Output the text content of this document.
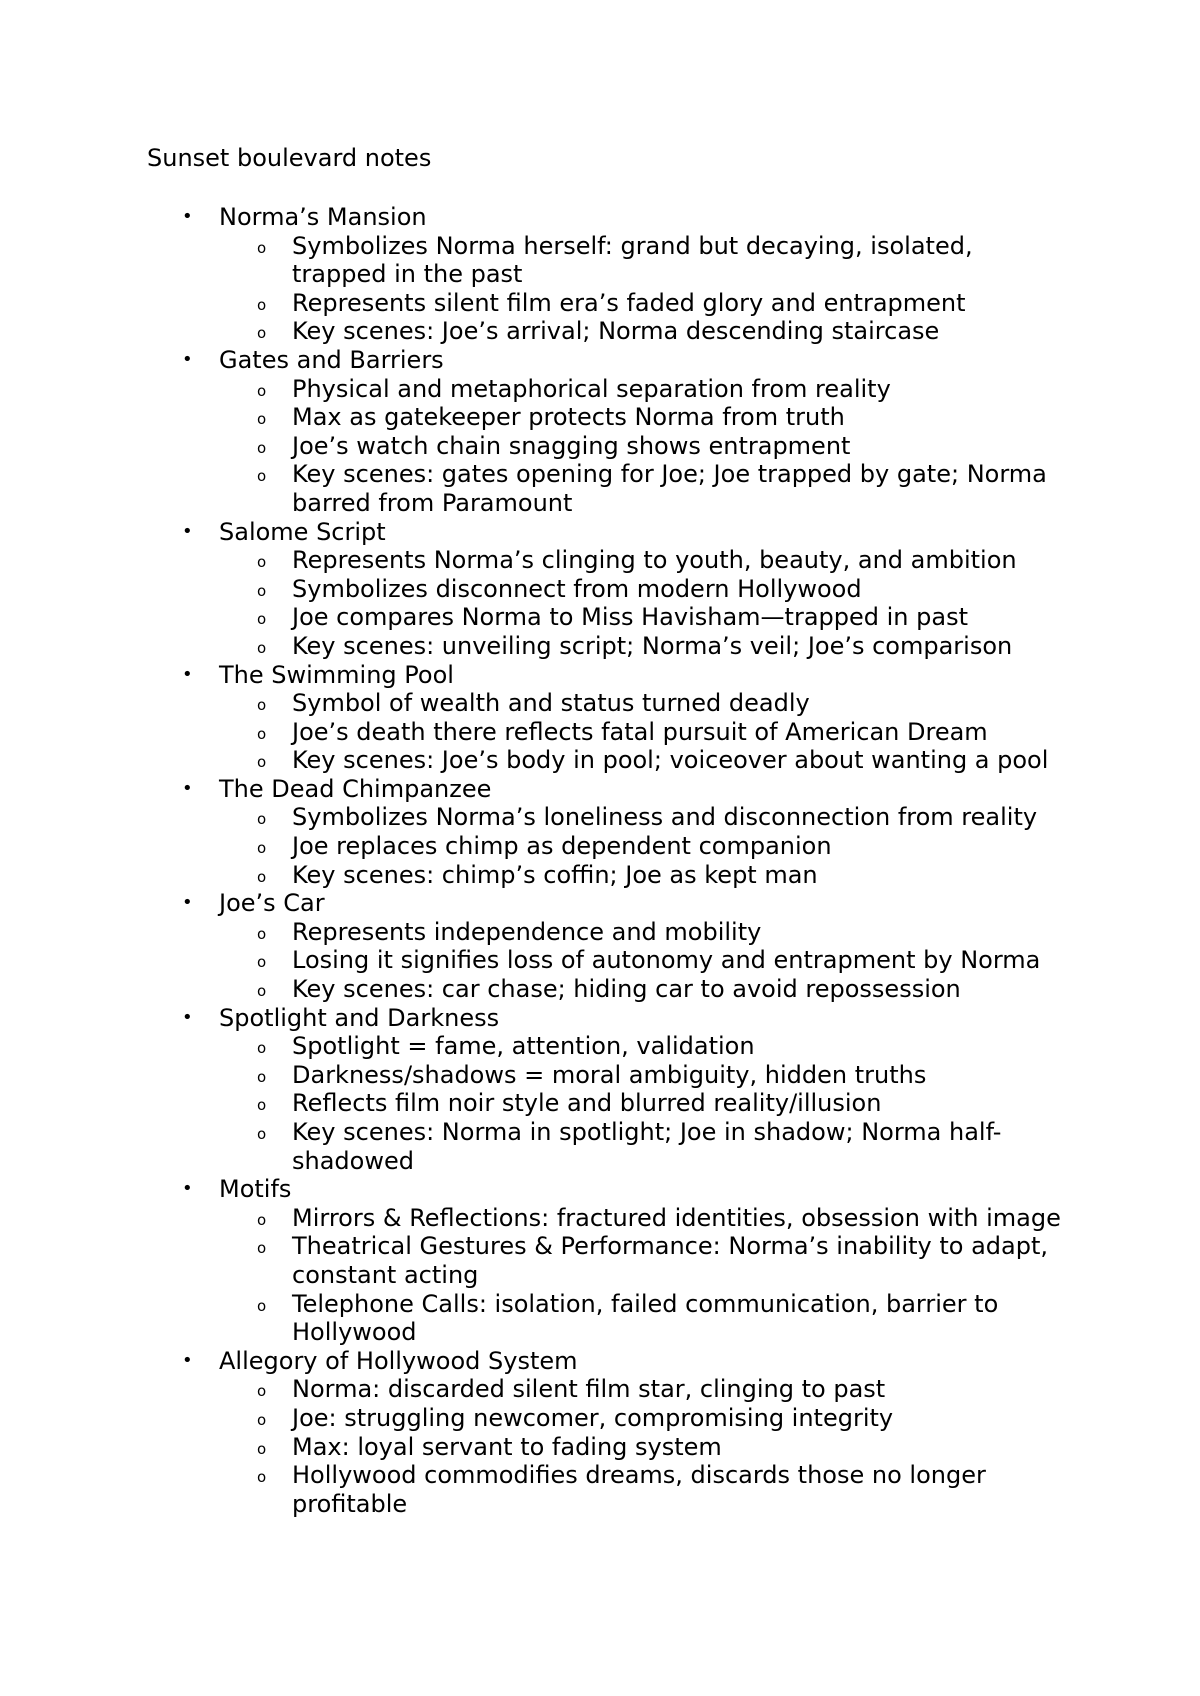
Sunset boulevard notes
•	Norma’s Mansion
o Symbolizes Norma herself: grand but decaying, isolated, trapped in the past
o Represents silent film era’s faded glory and entrapment
o Key scenes: Joe’s arrival; Norma descending staircase
•	Gates and Barriers
o Physical and metaphorical separation from reality
o Max as gatekeeper protects Norma from truth
o Joe’s watch chain snagging shows entrapment
o Key scenes: gates opening for Joe; Joe trapped by gate; Norma barred from Paramount
•	Salome Script
o Represents Norma’s clinging to youth, beauty, and ambition
o Symbolizes disconnect from modern Hollywood
o Joe compares Norma to Miss Havisham—trapped in past
o Key scenes: unveiling script; Norma’s veil; Joe’s comparison
•	The Swimming Pool
o Symbol of wealth and status turned deadly
o Joe’s death there reflects fatal pursuit of American Dream
o Key scenes: Joe’s body in pool; voiceover about wanting a pool
•	The Dead Chimpanzee
o Symbolizes Norma’s loneliness and disconnection from reality
o Joe replaces chimp as dependent companion
o Key scenes: chimp’s coffin; Joe as kept man
•	Joe’s Car
o Represents independence and mobility
o Losing it signifies loss of autonomy and entrapment by Norma
o Key scenes: car chase; hiding car to avoid repossession
•	Spotlight and Darkness
o Spotlight = fame, attention, validation
o Darkness/shadows = moral ambiguity, hidden truths
o Reflects film noir style and blurred reality/illusion
o Key scenes: Norma in spotlight; Joe in shadow; Norma half-shadowed
•	Motifs
o Mirrors & Reflections: fractured identities, obsession with image
o Theatrical Gestures & Performance: Norma’s inability to adapt, constant acting
o Telephone Calls: isolation, failed communication, barrier to Hollywood
•	Allegory of Hollywood System
o Norma: discarded silent film star, clinging to past
o Joe: struggling newcomer, compromising integrity
o Max: loyal servant to fading system
o Hollywood commodifies dreams, discards those no longer profitable
